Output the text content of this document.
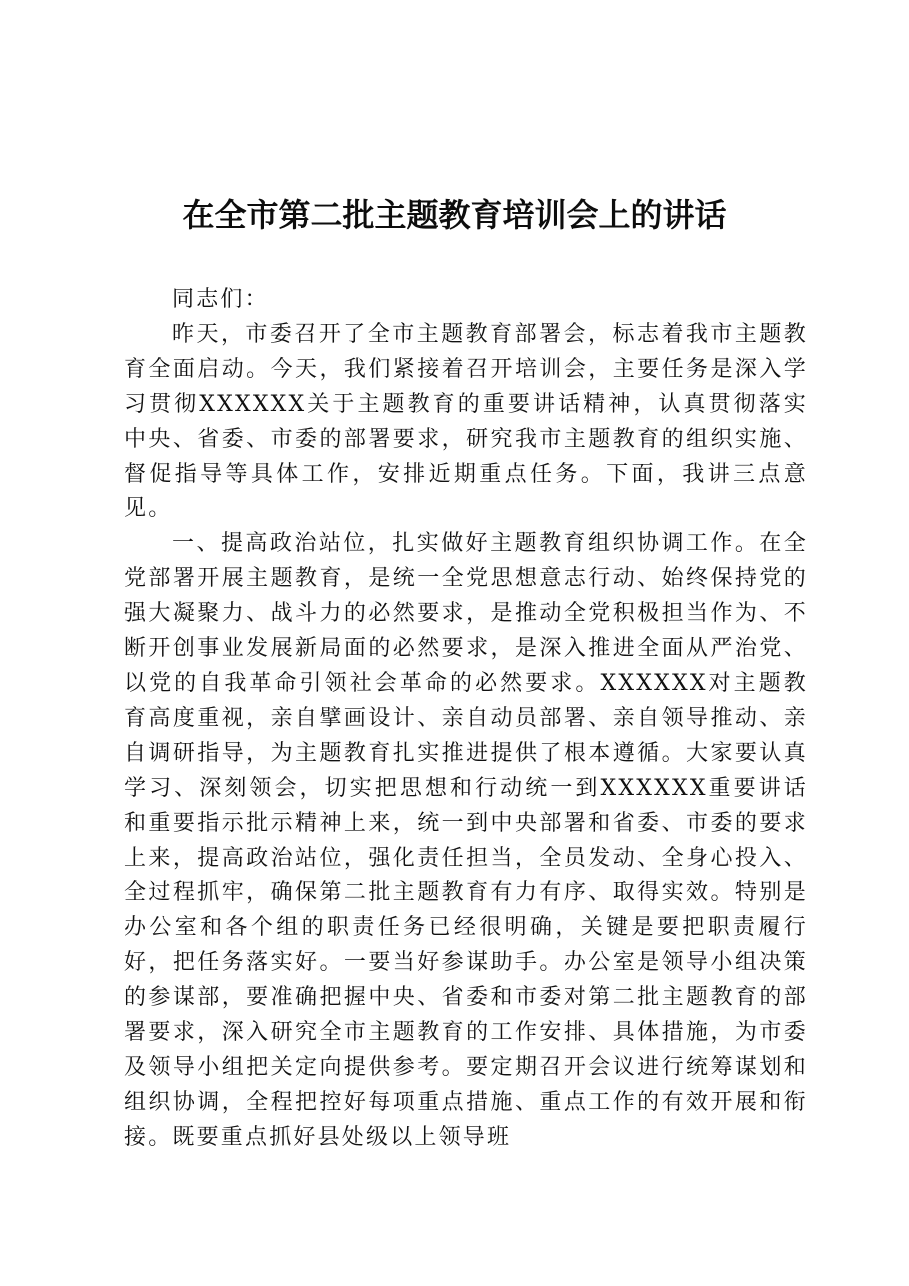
在全市第二批主题教育培训会上的讲话

同志们：

昨天，市委召开了全市主题教育部署会，标志着我市主题教育全面启动。今天，我们紧接着召开培训会，主要任务是深入学习贯彻XXXXXX关于主题教育的重要讲话精神，认真贯彻落实中央、省委、市委的部署要求，研究我市主题教育的组织实施、督促指导等具体工作，安排近期重点任务。下面，我讲三点意见。

一、提高政治站位，扎实做好主题教育组织协调工作。在全党部署开展主题教育，是统一全党思想意志行动、始终保持党的强大凝聚力、战斗力的必然要求，是推动全党积极担当作为、不断开创事业发展新局面的必然要求，是深入推进全面从严治党、以党的自我革命引领社会革命的必然要求。XXXXXX对主题教育高度重视，亲自擘画设计、亲自动员部署、亲自领导推动、亲自调研指导，为主题教育扎实推进提供了根本遵循。大家要认真学习、深刻领会，切实把思想和行动统一到XXXXXX重要讲话和重要指示批示精神上来，统一到中央部署和省委、市委的要求上来，提高政治站位，强化责任担当，全员发动、全身心投入、全过程抓牢，确保第二批主题教育有力有序、取得实效。特别是办公室和各个组的职责任务已经很明确，关键是要把职责履行好，把任务落实好。一要当好参谋助手。办公室是领导小组决策的参谋部，要准确把握中央、省委和市委对第二批主题教育的部署要求，深入研究全市主题教育的工作安排、具体措施，为市委及领导小组把关定向提供参考。要定期召开会议进行统筹谋划和组织协调，全程把控好每项重点措施、重点工作的有效开展和衔接。既要重点抓好县处级以上领导班
